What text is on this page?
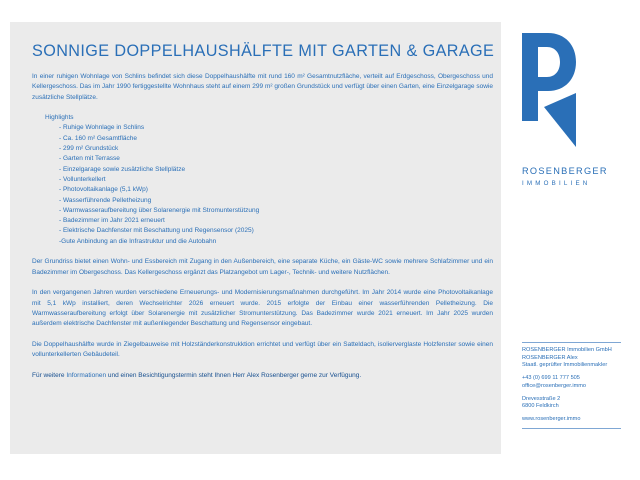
SONNIGE DOPPELHAUSHÄLFTE MIT GARTEN & GARAGE

In einer ruhigen Wohnlage von Schlins befindet sich diese Doppelhaushälfte mit rund 160 m² Gesamtnutzfläche, verteilt auf Erdgeschoss, Obergeschoss und Kellergeschoss. Das im Jahr 1990 fertiggestellte Wohnhaus steht auf einem 299 m² großen Grundstück und verfügt über einen Garten, eine Einzelgarage sowie zusätzliche Stellplätze.

Highlights
- Ruhige Wohnlage in Schlins
- Ca. 160 m² Gesamtfläche
- 299 m² Grundstück
- Garten mit Terrasse
- Einzelgarage sowie zusätzliche Stellplätze
- Vollunterkellert
- Photovoltaikanlage (5,1 kWp)
- Wasserführende Pelletheizung
- Warmwasseraufbereitung über Solarenergie mit Stromunterstützung
- Badezimmer im Jahr 2021 erneuert
- Elektrische Dachfenster mit Beschattung und Regensensor (2025)
-Gute Anbindung an die Infrastruktur und die Autobahn

Der Grundriss bietet einen Wohn- und Essbereich mit Zugang in den Außenbereich, eine separate Küche, ein Gäste-WC sowie mehrere Schlafzimmer und ein Badezimmer im Obergeschoss. Das Kellergeschoss ergänzt das Platzangebot um Lager-, Technik- und weitere Nutzflächen.

In den vergangenen Jahren wurden verschiedene Erneuerungs- und Modernisierungsmaßnahmen durchgeführt. Im Jahr 2014 wurde eine Photovoltaikanlage mit 5,1 kWp installiert, deren Wechselrichter 2026 erneuert wurde. 2015 erfolgte der Einbau einer wasserführenden Pelletheizung. Die Warmwasseraufbereitung erfolgt über Solarenergie mit zusätzlicher Stromunterstützung. Das Badezimmer wurde 2021 erneuert. Im Jahr 2025 wurden außerdem elektrische Dachfenster mit außenliegender Beschattung und Regensensor eingebaut.

Die Doppelhaushälfte wurde in Ziegelbauweise mit Holzständerkonstrukktion errichtet und verfügt über ein Satteldach, isolierverglaste Holzfenster sowie einen vollunterkellerten Gebäudeteil.

Für weitere Informationen und einen Besichtigungstermin steht Ihnen Herr Alex Rosenberger gerne zur Verfügung.

ROSENBERGER
IMMOBILIEN
ROSENBERGER Immobilien GmbH
ROSENBERGER Alex
Staatl. geprüfter Immobilienmakler
+43 (0) 699 11 777 505
office@rosenberger.immo
Drevesstraße 2
6800 Feldkirch
www.rosenberger.immo
